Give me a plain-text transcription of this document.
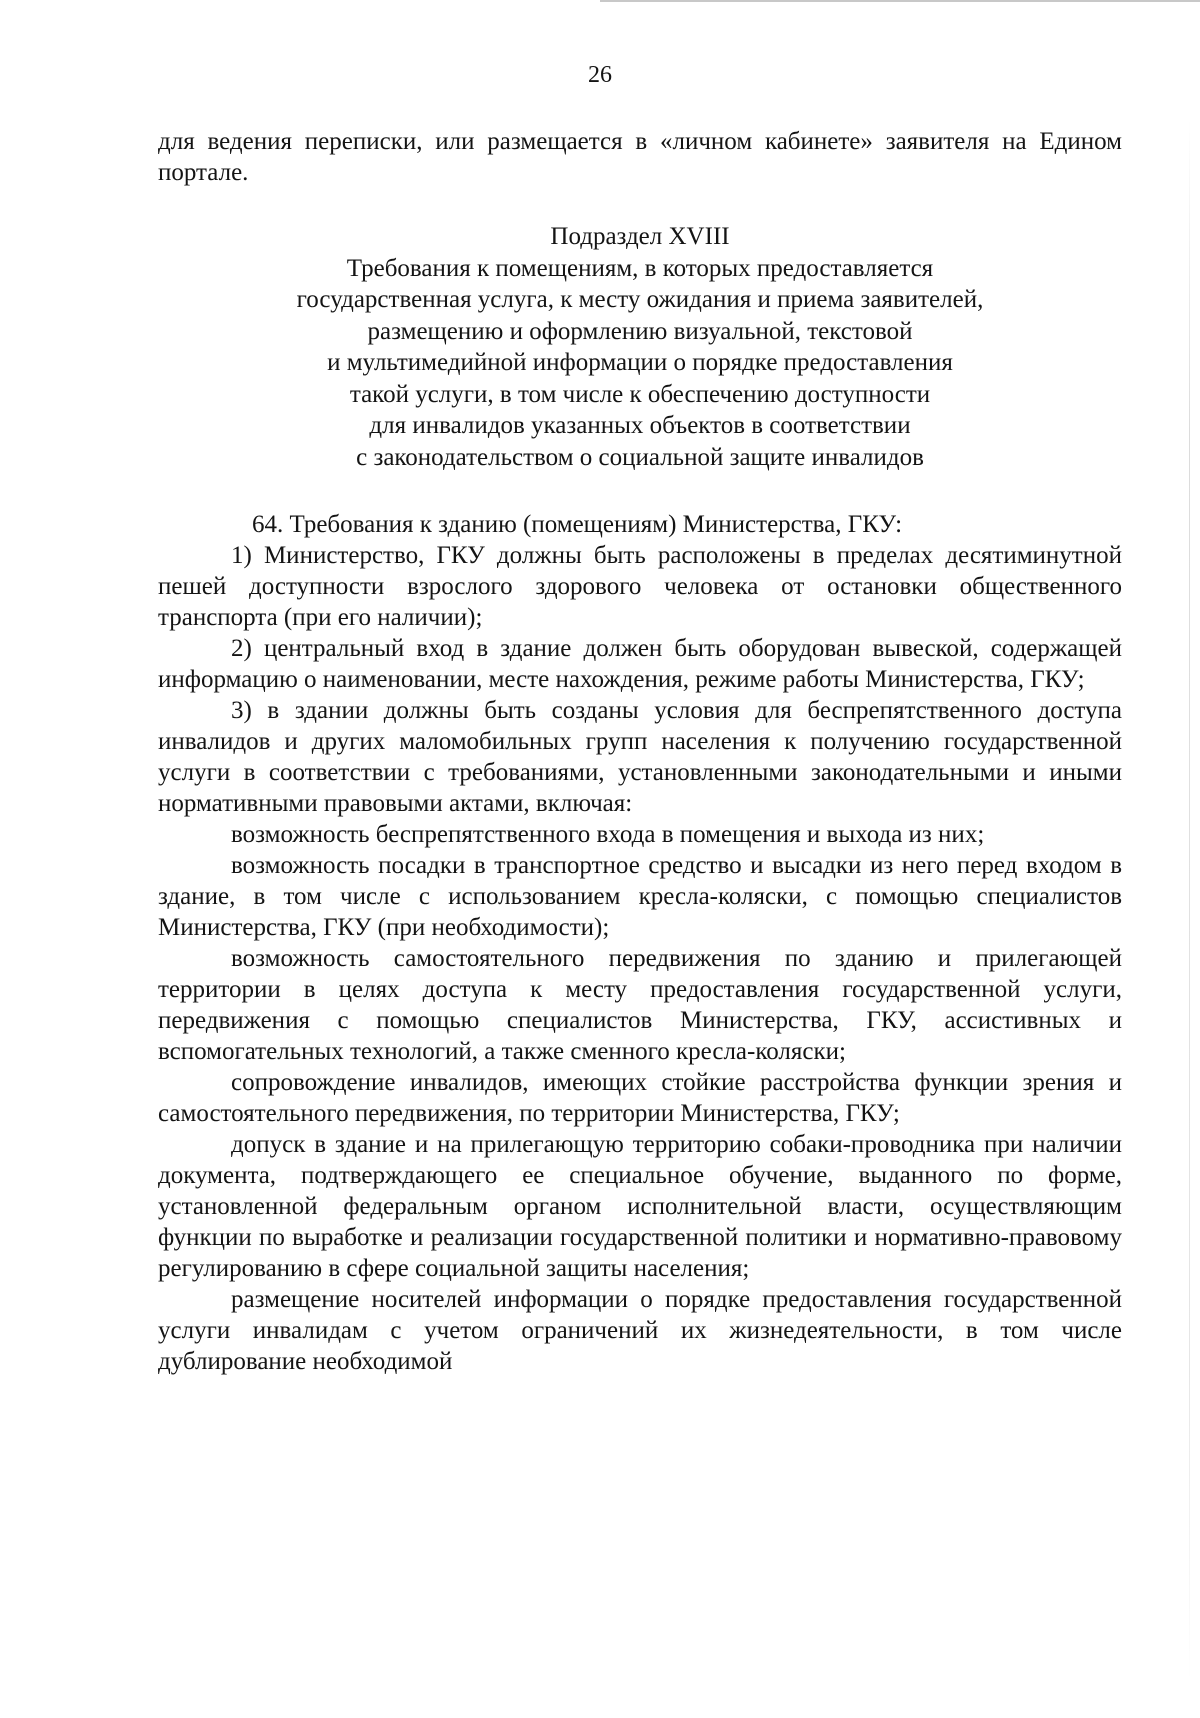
26

для ведения переписки, или размещается в «личном кабинете» заявителя на Едином портале.

Подраздел XVIII
Требования к помещениям, в которых предоставляется
государственная услуга, к месту ожидания и приема заявителей,
размещению и оформлению визуальной, текстовой
и мультимедийной информации о порядке предоставления
такой услуги, в том числе к обеспечению доступности
для инвалидов указанных объектов в соответствии
с законодательством о социальной защите инвалидов

64. Требования к зданию (помещениям) Министерства, ГКУ:

1) Министерство, ГКУ должны быть расположены в пределах десятиминутной пешей доступности взрослого здорового человека от остановки общественного транспорта (при его наличии);

2) центральный вход в здание должен быть оборудован вывеской, содержащей информацию о наименовании, месте нахождения, режиме работы Министерства, ГКУ;

3) в здании должны быть созданы условия для беспрепятственного доступа инвалидов и других маломобильных групп населения к получению государственной услуги в соответствии с требованиями, установленными законодательными и иными нормативными правовыми актами, включая:

возможность беспрепятственного входа в помещения и выхода из них;

возможность посадки в транспортное средство и высадки из него перед входом в здание, в том числе с использованием кресла-коляски, с помощью специалистов Министерства, ГКУ (при необходимости);

возможность самостоятельного передвижения по зданию и прилегающей территории в целях доступа к месту предоставления государственной услуги, передвижения с помощью специалистов Министерства, ГКУ, ассистивных и вспомогательных технологий, а также сменного кресла-коляски;

сопровождение инвалидов, имеющих стойкие расстройства функции зрения и самостоятельного передвижения, по территории Министерства, ГКУ;

допуск в здание и на прилегающую территорию собаки-проводника при наличии документа, подтверждающего ее специальное обучение, выданного по форме, установленной федеральным органом исполнительной власти, осуществляющим функции по выработке и реализации государственной политики и нормативно-правовому регулированию в сфере социальной защиты населения;

размещение носителей информации о порядке предоставления государственной услуги инвалидам с учетом ограничений их жизнедеятельности, в том числе дублирование необходимой
